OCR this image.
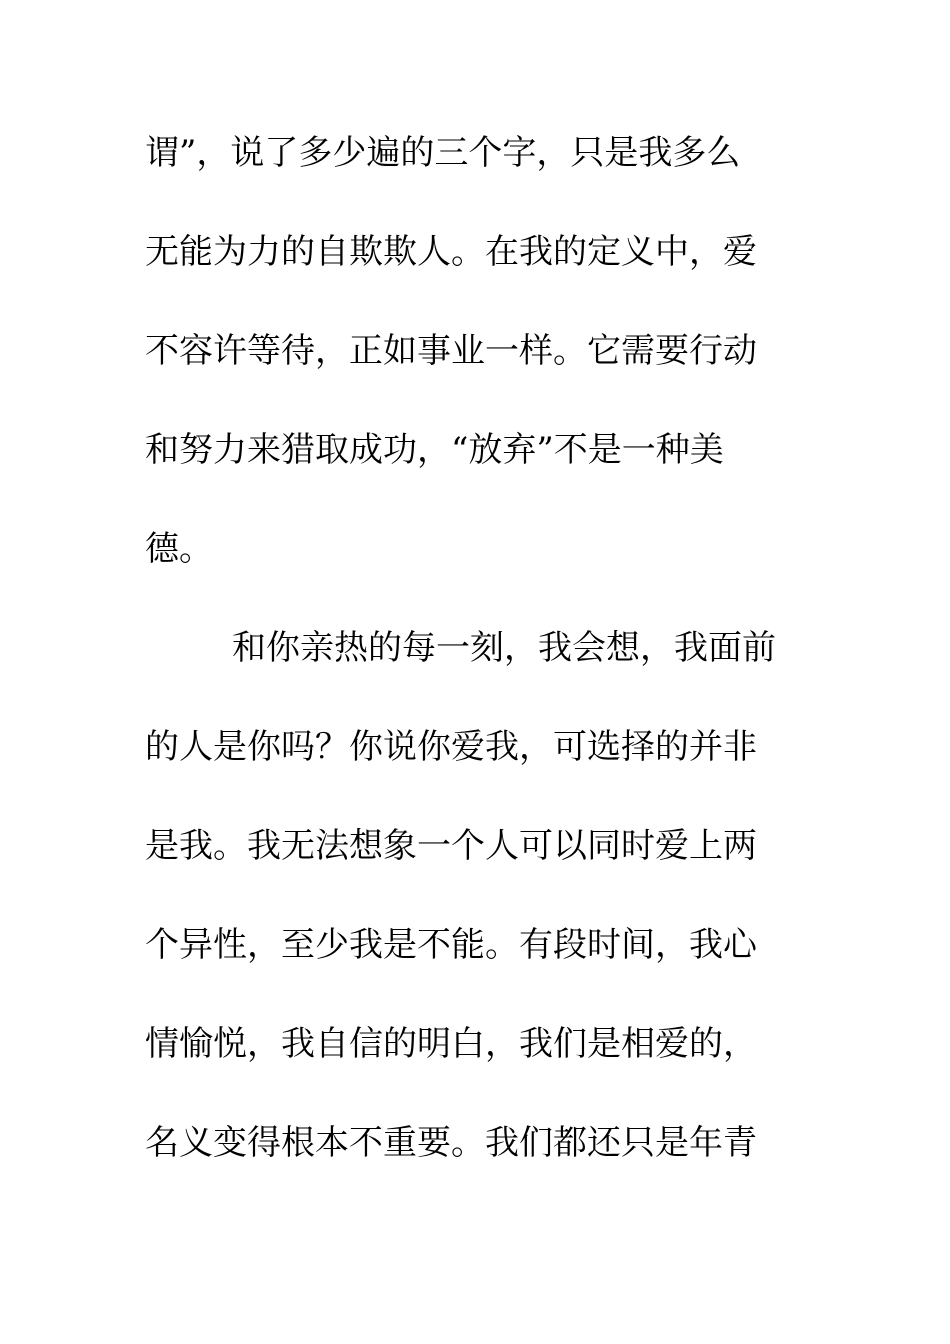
谓”，说了多少遍的三个字，只是我多么
无能为力的自欺欺人。在我的定义中，爱
不容许等待，正如事业一样。它需要行动
和努力来猎取成功，“放弃”不是一种美
德。
和你亲热的每一刻，我会想，我面前
的人是你吗？你说你爱我，可选择的并非
是我。我无法想象一个人可以同时爱上两
个异性，至少我是不能。有段时间，我心
情愉悦，我自信的明白，我们是相爱的，
名义变得根本不重要。我们都还只是年青
